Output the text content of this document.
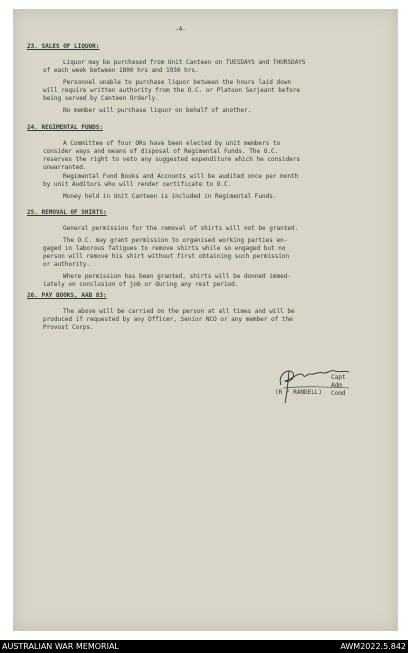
-4-
23. SALES OF LIQUOR:
Liquor may be purchased from Unit Canteen on TUESDAYS and THURSDAYS
of each week between 1800 hrs and 1930 hrs.
Personnel unable to purchase liquor between the hours laid down
will require written authority from the O.C. or Platoon Serjeant before
being served by Canteen Orderly.
No member will purchase liquor on behalf of another.
24. REGIMENTAL FUNDS:
A Committee of four ORs have been elected by unit members to
consider ways and means of disposal of Regimental Funds. The O.C.
reserves the right to veto any suggested expenditure which he considers
unwarranted.
Regimental Fund Books and Accounts will be audited once per month
by unit Auditors who will render certificate to O.C.
Money held in Unit Canteen is included in Regimental Funds.
25. REMOVAL OF SHIRTS:
General permission for the removal of shirts will not be granted.
The O.C. may grant permission to organised working parties en-
gaged in laborous fatigues to remove shirts while so engaged but no
person will remove his shirt without first obtaining such permission
or authority.
Where permission has been granted, shirts will be donned immed-
iately on conclusion of job or during any rest period.
26. PAY BOOKS, AAB 83:
The above will be carried on the person at all times and will be
produced if requested by any Officer, Senior NCO or any member of the
Provost Corps.
(R F RANDELL)
Capt
Adm
Comd
AUSTRALIAN WAR MEMORIAL	AWM2022.5.842
